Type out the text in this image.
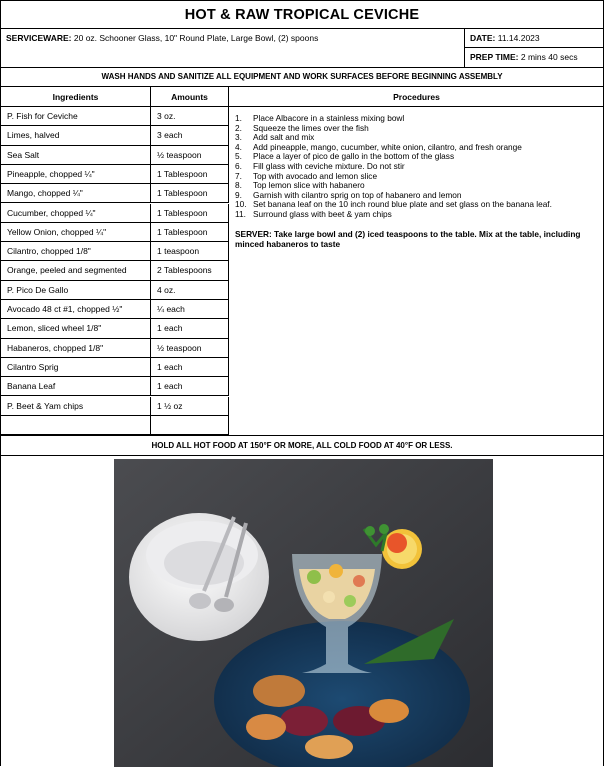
HOT & RAW TROPICAL CEVICHE
SERVICEWARE: 20 oz. Schooner Glass, 10" Round Plate, Large Bowl, (2) spoons	DATE: 11.14.2023
PREP TIME: 2 mins 40 secs
WASH HANDS AND SANITIZE ALL EQUIPMENT AND WORK SURFACES BEFORE BEGINNING ASSEMBLY
Ingredients	Amounts	Procedures
P. Fish for Ceviche	3 oz.
Limes, halved	3 each
Sea Salt	½ teaspoon
Pineapple, chopped ¼"	1 Tablespoon
Mango, chopped ¼"	1 Tablespoon
Cucumber, chopped ¼"	1 Tablespoon
Yellow Onion, chopped ¼"	1 Tablespoon
Cilantro, chopped 1/8"	1 teaspoon
Orange, peeled and segmented	2 Tablespoons
P. Pico De Gallo	4 oz.
Avocado 48 ct #1, chopped ½"	¼ each
Lemon, sliced wheel 1/8"	1 each
Habaneros, chopped 1/8"	½ teaspoon
Cilantro Sprig	1 each
Banana Leaf	1 each
P. Beet & Yam chips	1 ½ oz
1.	Place Albacore in a stainless mixing bowl
2.	Squeeze the limes over the fish
3.	Add salt and mix
4.	Add pineapple, mango, cucumber, white onion, cilantro, and fresh orange
5.	Place a layer of pico de gallo in the bottom of the glass
6.	Fill glass with ceviche mixture. Do not stir
7.	Top with avocado and lemon slice
8.	Top lemon slice with habanero
9.	Garnish with cilantro sprig on top of habanero and lemon
10. Set banana leaf on the 10 inch round blue plate and set glass on the banana leaf.
11. Surround glass with beet & yam chips
SERVER: Take large bowl and (2) iced teaspoons to the table. Mix at the table, including minced habaneros to taste
HOLD ALL HOT FOOD AT 150°F OR MORE, ALL COLD FOOD AT 40°F OR LESS.
